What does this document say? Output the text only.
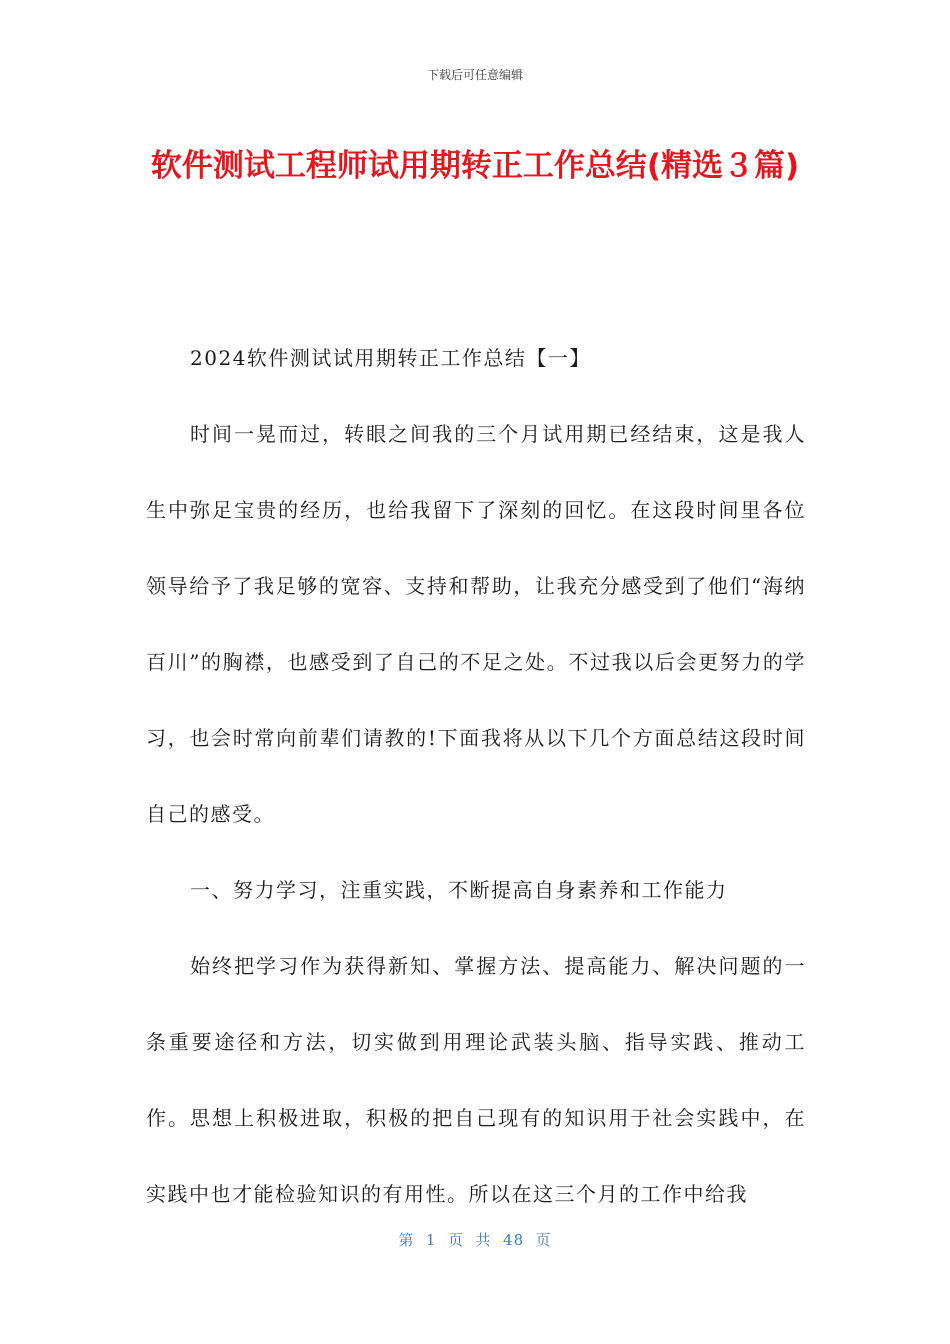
下载后可任意编辑
软件测试工程师试用期转正工作总结(精选３篇)

2024软件测试试用期转正工作总结【一】

时间一晃而过，转眼之间我的三个月试用期已经结束，这是我人生中弥足宝贵的经历，也给我留下了深刻的回忆。在这段时间里各位领导给予了我足够的宽容、支持和帮助，让我充分感受到了他们“海纳百川”的胸襟，也感受到了自己的不足之处。不过我以后会更努力的学习，也会时常向前辈们请教的!下面我将从以下几个方面总结这段时间自己的感受。

一、努力学习，注重实践，不断提高自身素养和工作能力

始终把学习作为获得新知、掌握方法、提高能力、解决问题的一条重要途径和方法，切实做到用理论武装头脑、指导实践、推动工作。思想上积极进取，积极的把自己现有的知识用于社会实践中，在实践中也才能检验知识的有用性。所以在这三个月的工作中给我

第  1  页  共  48  页
